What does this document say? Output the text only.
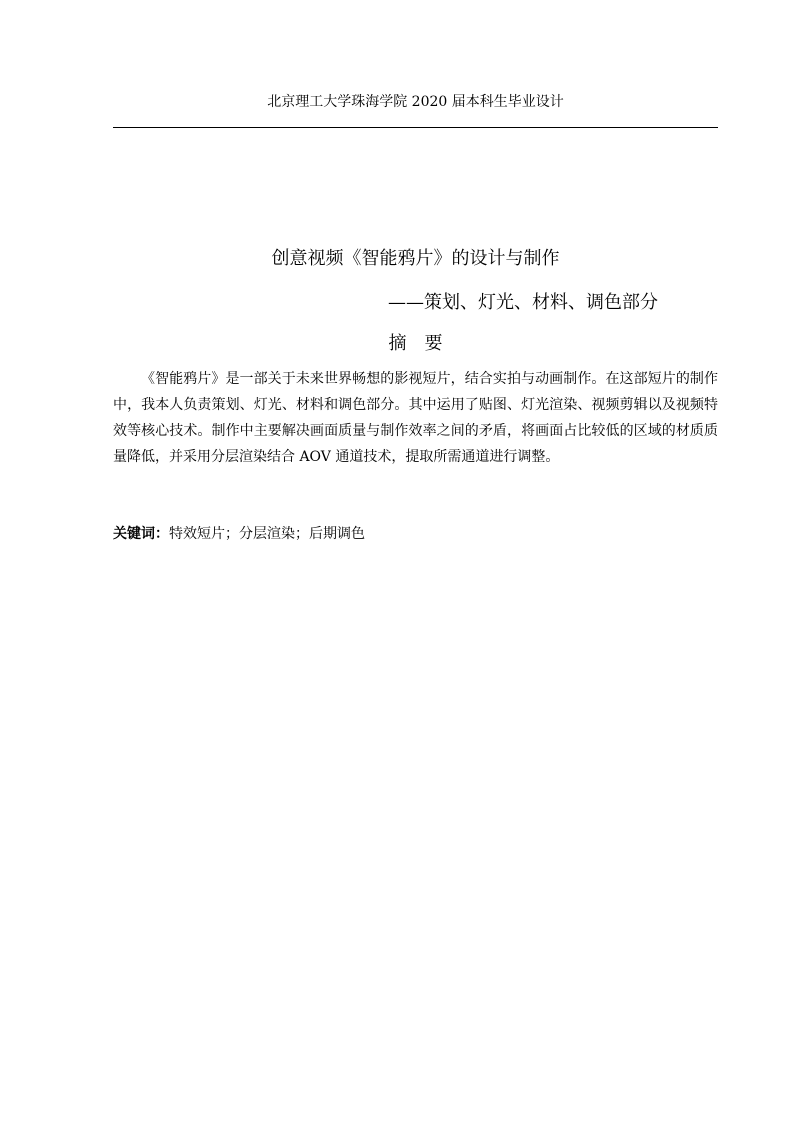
北京理工大学珠海学院 2020 届本科生毕业设计
创意视频《智能鸦片》的设计与制作
——策划、灯光、材料、调色部分
摘要

《智能鸦片》是一部关于未来世界畅想的影视短片，结合实拍与动画制作。在这部短片的制作中，我本人负责策划、灯光、材料和调色部分。其中运用了贴图、灯光渲染、视频剪辑以及视频特效等核心技术。制作中主要解决画面质量与制作效率之间的矛盾，将画面占比较低的区域的材质质量降低，并采用分层渲染结合 AOV 通道技术，提取所需通道进行调整。

关键词：特效短片；分层渲染；后期调色
